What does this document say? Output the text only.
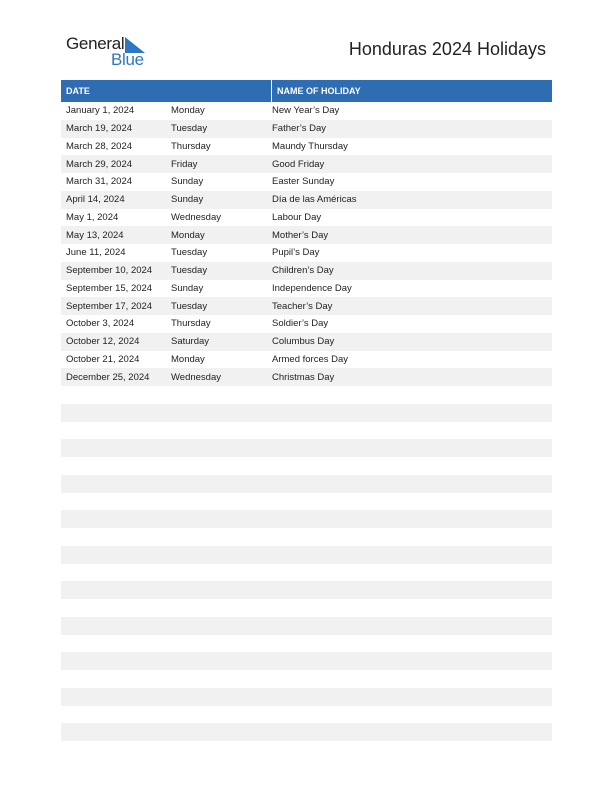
General
Blue
Honduras 2024 Holidays
DATE	NAME OF HOLIDAY
January 1, 2024	Monday	New Year’s Day
March 19, 2024	Tuesday	Father’s Day
March 28, 2024	Thursday	Maundy Thursday
March 29, 2024	Friday	Good Friday
March 31, 2024	Sunday	Easter Sunday
April 14, 2024	Sunday	Día de las Américas
May 1, 2024	Wednesday	Labour Day
May 13, 2024	Monday	Mother’s Day
June 11, 2024	Tuesday	Pupil’s Day
September 10, 2024	Tuesday	Children’s Day
September 15, 2024	Sunday	Independence Day
September 17, 2024	Tuesday	Teacher’s Day
October 3, 2024	Thursday	Soldier’s Day
October 12, 2024	Saturday	Columbus Day
October 21, 2024	Monday	Armed forces Day
December 25, 2024	Wednesday	Christmas Day
